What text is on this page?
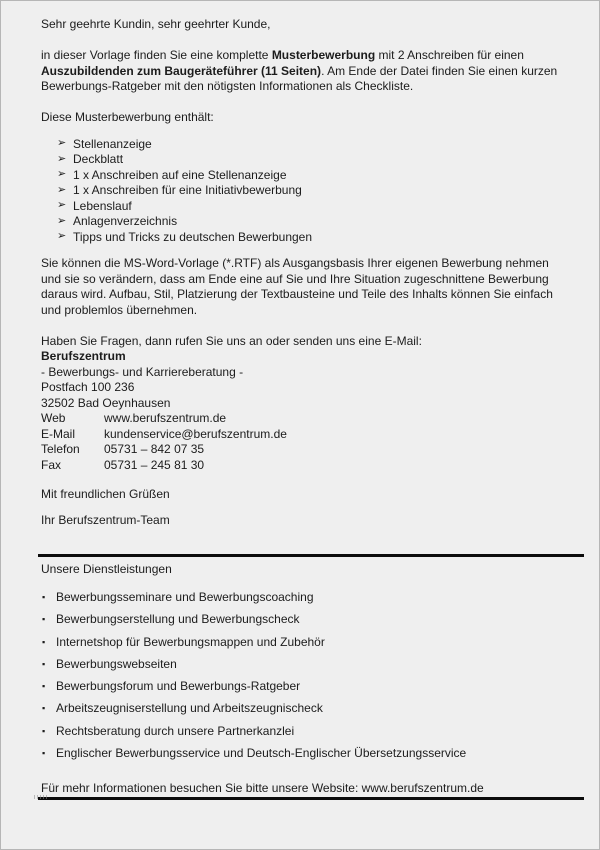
Sehr geehrte Kundin, sehr geehrter Kunde,

in dieser Vorlage finden Sie eine komplette Musterbewerbung mit 2 Anschreiben für einen Auszubildenden zum Baugeräteführer (11 Seiten). Am Ende der Datei finden Sie einen kurzen Bewerbungs-Ratgeber mit den nötigsten Informationen als Checkliste.

Diese Musterbewerbung enthält:

➢ Stellenanzeige
➢ Deckblatt
➢ 1 x Anschreiben auf eine Stellenanzeige
➢ 1 x Anschreiben für eine Initiativbewerbung
➢ Lebenslauf
➢ Anlagenverzeichnis
➢ Tipps und Tricks zu deutschen Bewerbungen

Sie können die MS-Word-Vorlage (*.RTF) als Ausgangsbasis Ihrer eigenen Bewerbung nehmen und sie so verändern, dass am Ende eine auf Sie und Ihre Situation zugeschnittene Bewerbung daraus wird. Aufbau, Stil, Platzierung der Textbausteine und Teile des Inhalts können Sie einfach und problemlos übernehmen.

Haben Sie Fragen, dann rufen Sie uns an oder senden uns eine E-Mail:

Berufszentrum
- Bewerbungs- und Karriereberatung -
Postfach 100 236
32502 Bad Oeynhausen
Web	www.berufszentrum.de
E-Mail kundenservice@berufszentrum.de
Telefon 05731 – 842 07 35
Fax	05731 – 245 81 30

Mit freundlichen Grüßen

Ihr Berufszentrum-Team

Unsere Dienstleistungen

▪ Bewerbungsseminare und Bewerbungscoaching
▪ Bewerbungserstellung und Bewerbungscheck
▪ Internetshop für Bewerbungsmappen und Zubehör
▪ Bewerbungswebseiten
▪ Bewerbungsforum und Bewerbungs-Ratgeber
▪ Arbeitszeugniserstellung und Arbeitszeugnischeck
▪ Rechtsberatung durch unsere Partnerkanzlei
▪ Englischer Bewerbungsservice und Deutsch-Englischer Übersetzungsservice

Für mehr Informationen besuchen Sie bitte unsere Website: www.berufszentrum.de
